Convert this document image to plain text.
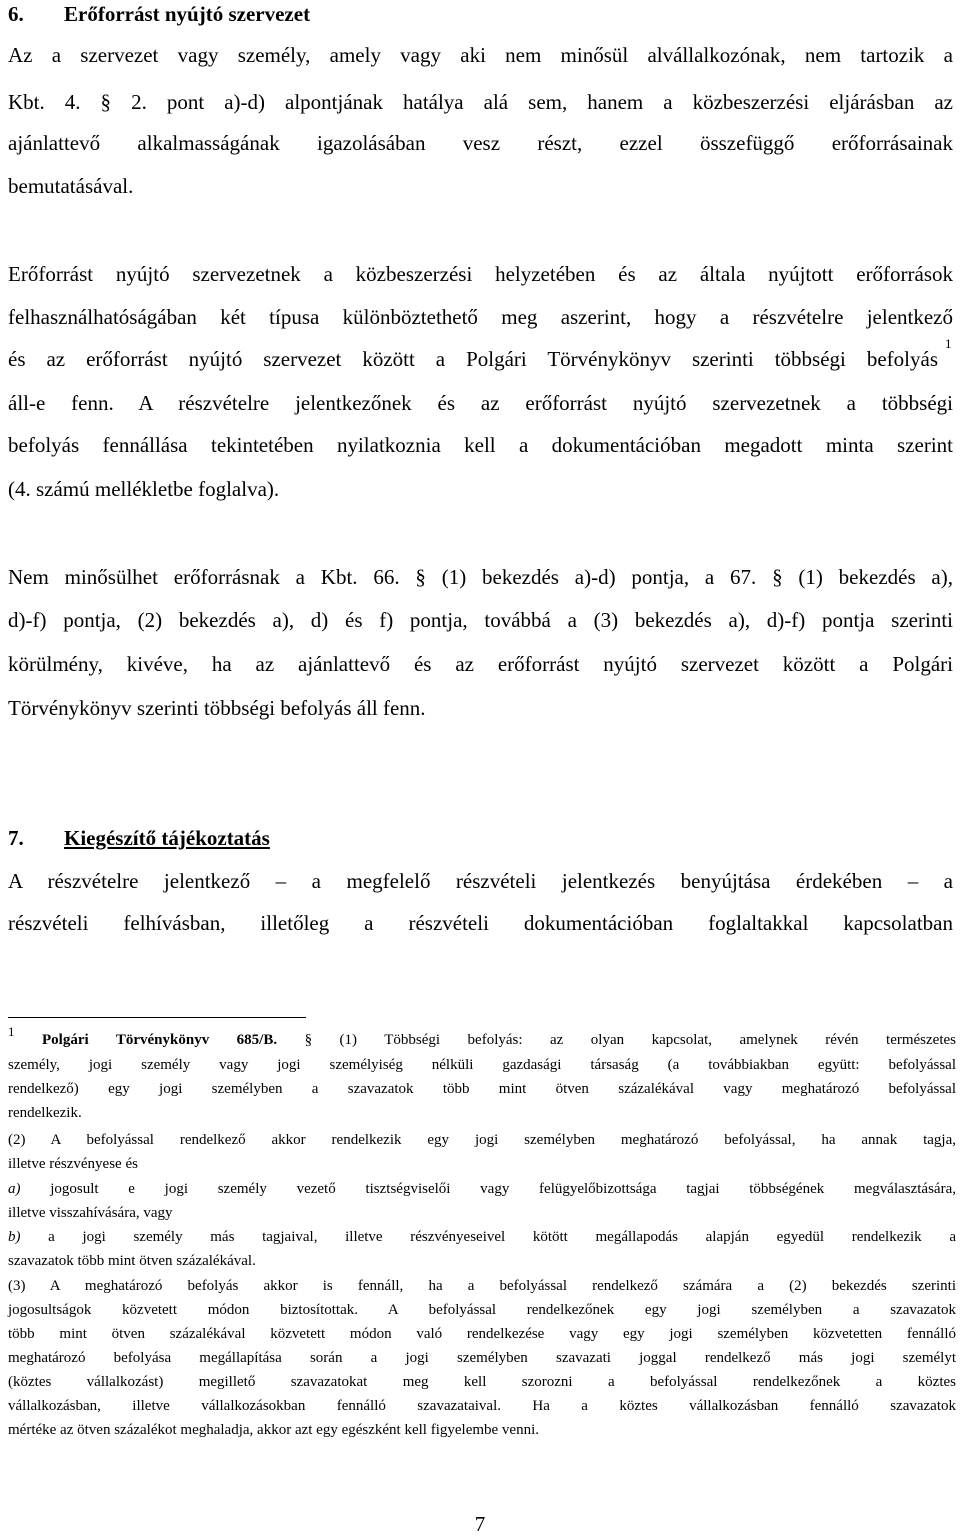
6. Erőforrást nyújtó szervezet
Az a szervezet vagy személy, amely vagy aki nem minősül alvállalkozónak, nem tartozik a
Kbt. 4. § 2. pont a)-d) alpontjának hatálya alá sem, hanem a közbeszerzési eljárásban az
ajánlattevő alkalmasságának igazolásában vesz részt, ezzel összefüggő erőforrásainak
bemutatásával.
Erőforrást nyújtó szervezetnek a közbeszerzési helyzetében és az általa nyújtott erőforrások
felhasználhatóságában két típusa különböztethető meg aszerint, hogy a részvételre jelentkező
és az erőforrást nyújtó szervezet között a Polgári Törvénykönyv szerinti többségi befolyás
1
áll-e fenn. A részvételre jelentkezőnek és az erőforrást nyújtó szervezetnek a többségi
befolyás fennállása tekintetében nyilatkoznia kell a dokumentációban megadott minta szerint
(4. számú mellékletbe foglalva).
Nem minősülhet erőforrásnak a Kbt. 66. § (1) bekezdés a)-d) pontja, a 67. § (1) bekezdés a),
d)-f) pontja, (2) bekezdés a), d) és f) pontja, továbbá a (3) bekezdés a), d)-f) pontja szerinti
körülmény, kivéve, ha az ajánlattevő és az erőforrást nyújtó szervezet között a Polgári
Törvénykönyv szerinti többségi befolyás áll fenn.
7. Kiegészítő tájékoztatás
A részvételre jelentkező – a megfelelő részvételi jelentkezés benyújtása érdekében – a
részvételi felhívásban, illetőleg a részvételi dokumentációban foglaltakkal kapcsolatban
$^1$ Polgári Törvénykönyv 685/B. § (1) Többségi befolyás: az olyan kapcsolat, amelynek révén természetes
személy, jogi személy vagy jogi személyiség nélküli gazdasági társaság (a továbbiakban együtt: befolyással
rendelkező) egy jogi személyben a szavazatok több mint ötven százalékával vagy meghatározó befolyással
rendelkezik.
(2) A befolyással rendelkező akkor rendelkezik egy jogi személyben meghatározó befolyással, ha annak tagja,
illetve részvényese és
a) jogosult e jogi személy vezető tisztségviselői vagy felügyelőbizottsága tagjai többségének megválasztására,
illetve visszahívására, vagy
b) a jogi személy más tagjaival, illetve részvényeseivel kötött megállapodás alapján egyedül rendelkezik a
szavazatok több mint ötven százalékával.
(3) A meghatározó befolyás akkor is fennáll, ha a befolyással rendelkező számára a (2) bekezdés szerinti
jogosultságok közvetett módon biztosítottak. A befolyással rendelkezőnek egy jogi személyben a szavazatok
több mint ötven százalékával közvetett módon való rendelkezése vagy egy jogi személyben közvetetten fennálló
meghatározó befolyása megállapítása során a jogi személyben szavazati joggal rendelkező más jogi személyt
(köztes vállalkozást) megillető szavazatokat meg kell szorozni a befolyással rendelkezőnek a köztes
vállalkozásban, illetve vállalkozásokban fennálló szavazataival. Ha a köztes vállalkozásban fennálló szavazatok
mértéke az ötven százalékot meghaladja, akkor azt egy egészként kell figyelembe venni.
7
